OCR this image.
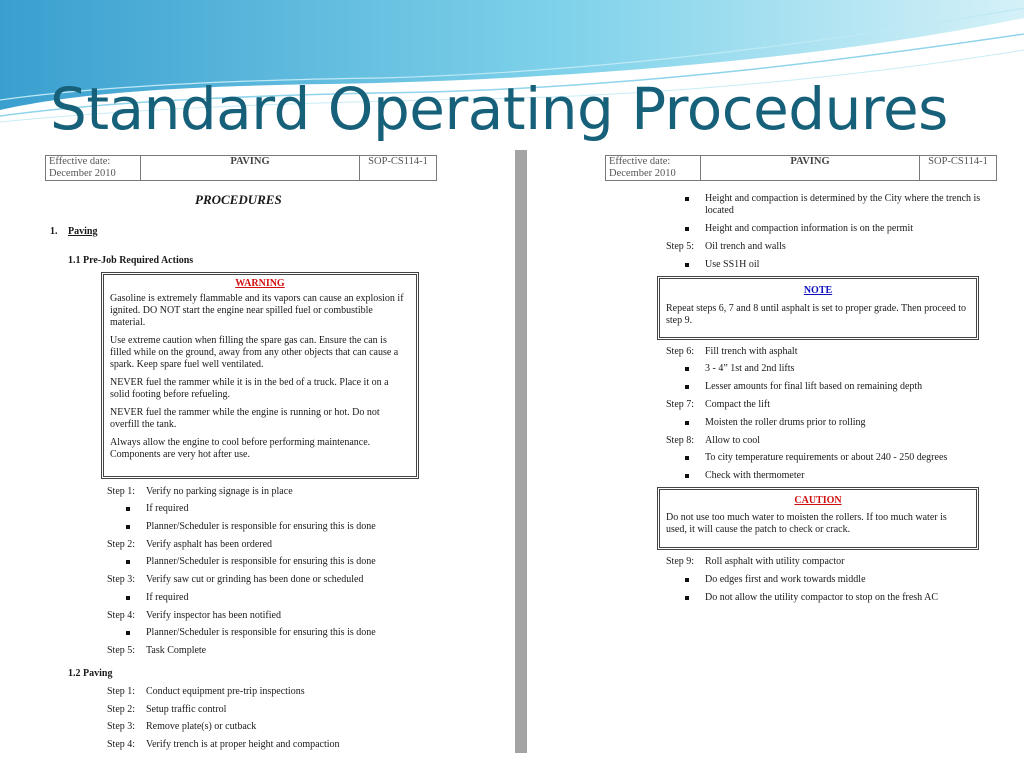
Standard Operating Procedures
Effective date:
December 2010
PAVING	SOP-CS114-1
PROCEDURES
1. Paving
1.1 Pre-Job Required Actions
WARNING

Gasoline is extremely flammable and its vapors can cause an explosion if ignited. DO NOT start the engine near spilled fuel or combustible material.

Use extreme caution when filling the spare gas can. Ensure the can is filled while on the ground, away from any other objects that can cause a spark. Keep spare fuel well ventilated.

NEVER fuel the rammer while it is in the bed of a truck. Place it on a solid footing before refueling.

NEVER fuel the rammer while the engine is running or hot. Do not overfill the tank.

Always allow the engine to cool before performing maintenance. Components are very hot after use.

Step 1:	Verify no parking signage is in place
If required
Planner/Scheduler is responsible for ensuring this is done
Step 2:	Verify asphalt has been ordered
Planner/Scheduler is responsible for ensuring this is done
Step 3:	Verify saw cut or grinding has been done or scheduled
If required
Step 4:	Verify inspector has been notified
Planner/Scheduler is responsible for ensuring this is done
Step 5:	Task Complete
1.2 Paving
Step 1:	Conduct equipment pre-trip inspections
Step 2:	Setup traffic control
Step 3:	Remove plate(s) or cutback
Step 4:	Verify trench is at proper height and compaction
Effective date:
December 2010
PAVING	SOP-CS114-1
Height and compaction is determined by the City where the trench is located
Height and compaction information is on the permit
Step 5:	Oil trench and walls
Use SS1H oil
NOTE

Repeat steps 6, 7 and 8 until asphalt is set to proper grade. Then proceed to step 9.

Step 6:	Fill trench with asphalt
3 - 4” 1st and 2nd lifts
Lesser amounts for final lift based on remaining depth
Step 7:	Compact the lift
Moisten the roller drums prior to rolling
Step 8:	Allow to cool
To city temperature requirements or about 240 - 250 degrees
Check with thermometer
CAUTION

Do not use too much water to moisten the rollers. If too much water is used, it will cause the patch to check or crack.

Step 9:	Roll asphalt with utility compactor
Do edges first and work towards middle
Do not allow the utility compactor to stop on the fresh AC
